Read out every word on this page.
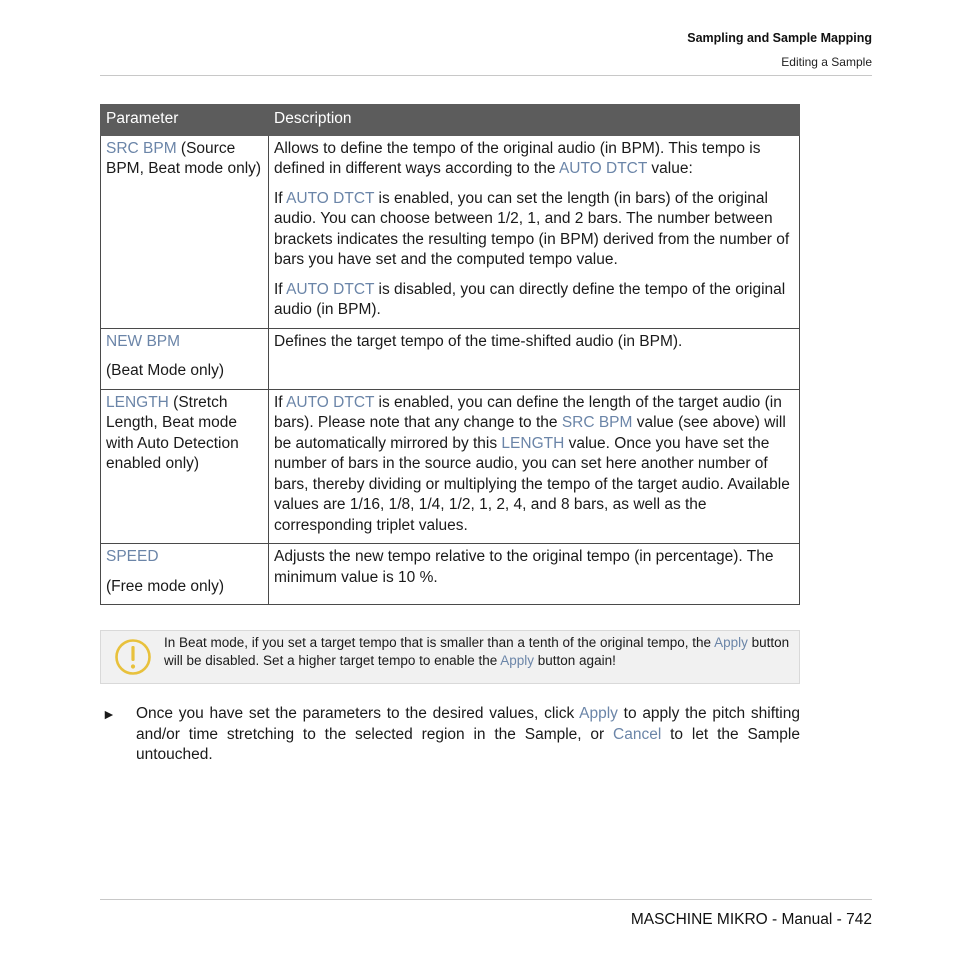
Sampling and Sample Mapping
Editing a Sample
Parameter	Description
SRC BPM (Source BPM, Beat mode only)	Allows to define the tempo of the original audio (in BPM). This tempo is defined in different ways according to the AUTO DTCT value:

If AUTO DTCT is enabled, you can set the length (in bars) of the original audio. You can choose between 1/2, 1, and 2 bars. The number between brackets indicates the resulting tempo (in BPM) derived from the number of bars you have set and the computed tempo value.

If AUTO DTCT is disabled, you can directly define the tempo of the original audio (in BPM).

NEW BPM

(Beat Mode only)	Defines the target tempo of the time-shifted audio (in BPM).

LENGTH (Stretch Length, Beat mode with Auto Detection enabled only)	If AUTO DTCT is enabled, you can define the length of the target audio (in bars). Please note that any change to the SRC BPM value (see above) will be automatically mirrored by this LENGTH value. Once you have set the number of bars in the source audio, you can set here another number of bars, thereby dividing or multiplying the tempo of the target audio. Available values are 1/16, 1/8, 1/4, 1/2, 1, 2, 4, and 8 bars, as well as the corresponding triplet values.

SPEED

(Free mode only)	Adjusts the new tempo relative to the original tempo (in percentage). The minimum value is 10 %.

In Beat mode, if you set a target tempo that is smaller than a tenth of the original tempo, the Apply button will be disabled. Set a higher target tempo to enable the Apply button again!
► Once you have set the parameters to the desired values, click Apply to apply the pitch shifting and/or time stretching to the selected region in the Sample, or Cancel to let the Sample untouched.
MASCHINE MIKRO - Manual - 742
